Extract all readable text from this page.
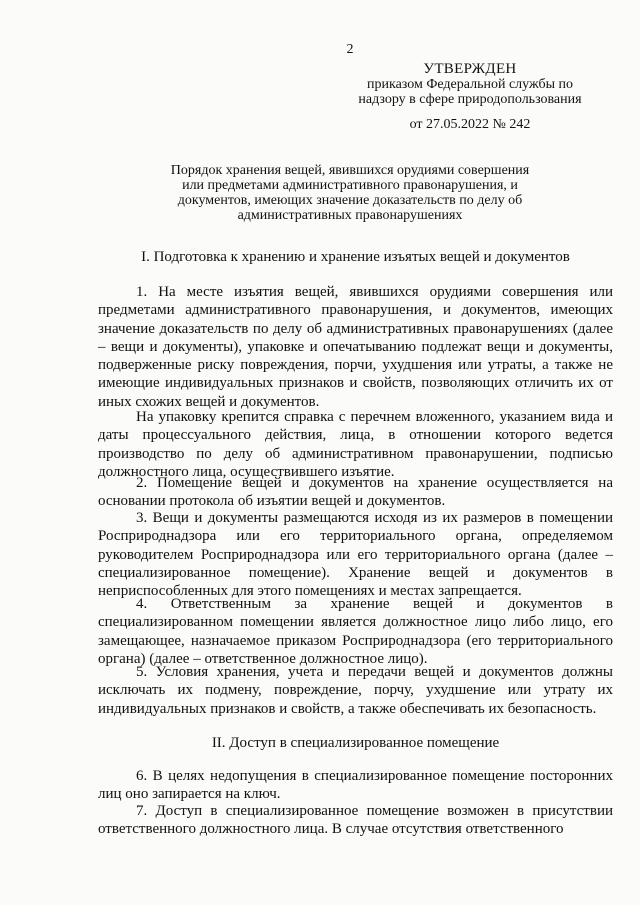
2
УТВЕРЖДЕН
приказом Федеральной службы по
надзору в сфере природопользования
от 27.05.2022 № 242
Порядок хранения вещей, явившихся орудиями совершения или предметами административного правонарушения, и документов, имеющих значение доказательств по делу об административных правонарушениях
I. Подготовка к хранению и хранение изъятых вещей и документов

1. На месте изъятия вещей, явившихся орудиями совершения или предметами административного правонарушения, и документов, имеющих значение доказательств по делу об административных правонарушениях (далее – вещи и документы), упаковке и опечатыванию подлежат вещи и документы, подверженные риску повреждения, порчи, ухудшения или утраты, а также не имеющие индивидуальных признаков и свойств, позволяющих отличить их от иных схожих вещей и документов.

На упаковку крепится справка с перечнем вложенного, указанием вида и даты процессуального действия, лица, в отношении которого ведется производство по делу об административном правонарушении, подписью должностного лица, осуществившего изъятие.

2. Помещение вещей и документов на хранение осуществляется на основании протокола об изъятии вещей и документов.

3. Вещи и документы размещаются исходя из их размеров в помещении Росприроднадзора или его территориального органа, определяемом руководителем Росприроднадзора или его территориального органа (далее – специализированное помещение). Хранение вещей и документов в неприспособленных для этого помещениях и местах запрещается.

4. Ответственным за хранение вещей и документов в специализированном помещении является должностное лицо либо лицо, его замещающее, назначаемое приказом Росприроднадзора (его территориального органа) (далее – ответственное должностное лицо).

5. Условия хранения, учета и передачи вещей и документов должны исключать их подмену, повреждение, порчу, ухудшение или утрату их индивидуальных признаков и свойств, а также обеспечивать их безопасность.

II. Доступ в специализированное помещение

6. В целях недопущения в специализированное помещение посторонних лиц оно запирается на ключ.

7. Доступ в специализированное помещение возможен в присутствии ответственного должностного лица. В случае отсутствия ответственного
